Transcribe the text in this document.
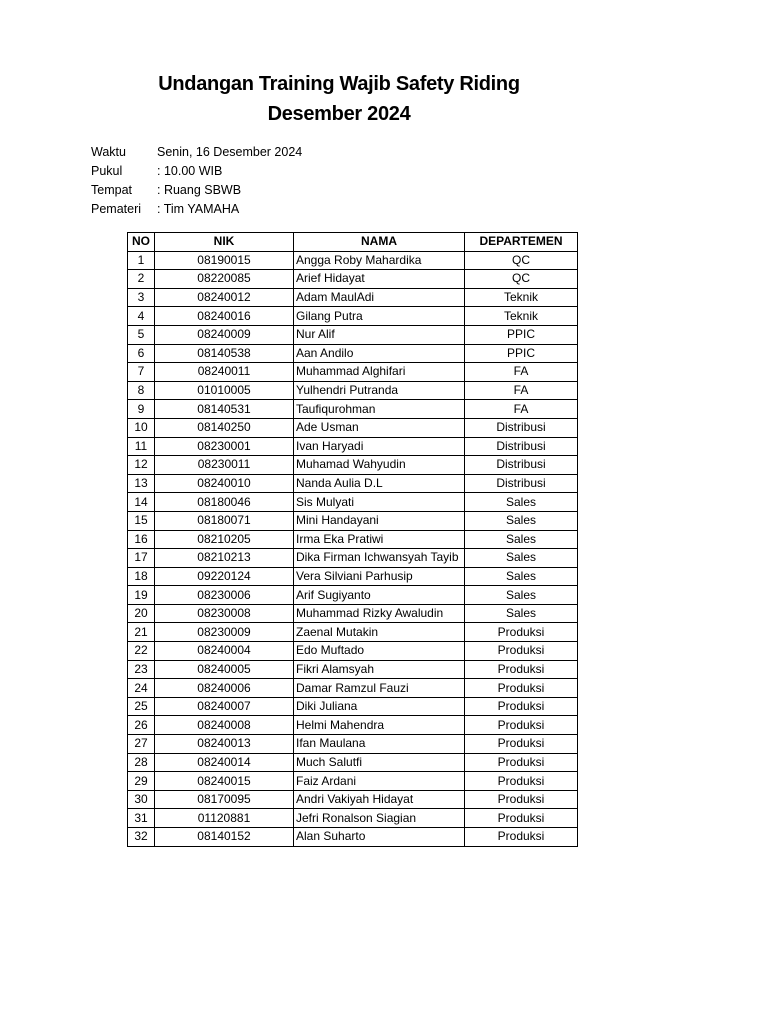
Undangan Training Wajib Safety Riding
Desember 2024
Waktu	Senin, 16 Desember 2024
Pukul	: 10.00 WIB
Tempat	: Ruang SBWB
Pemateri	: Tim YAMAHA
NO	NIK	NAMA	DEPARTEMEN
1	08190015	Angga Roby Mahardika	QC
2	08220085	Arief Hidayat	QC
3	08240012	Adam MaulAdi	Teknik
4	08240016	Gilang Putra	Teknik
5	08240009	Nur Alif	PPIC
6	08140538	Aan Andilo	PPIC
7	08240011	Muhammad Alghifari	FA
8	01010005	Yulhendri Putranda	FA
9	08140531	Taufiqurohman	FA
10	08140250	Ade Usman	Distribusi
11	08230001	Ivan Haryadi	Distribusi
12	08230011	Muhamad Wahyudin	Distribusi
13	08240010	Nanda Aulia D.L	Distribusi
14	08180046	Sis Mulyati	Sales
15	08180071	Mini Handayani	Sales
16	08210205	Irma Eka Pratiwi	Sales
17	08210213	Dika Firman Ichwansyah Tayib	Sales
18	09220124	Vera Silviani Parhusip	Sales
19	08230006	Arif Sugiyanto	Sales
20	08230008	Muhammad Rizky Awaludin	Sales
21	08230009	Zaenal Mutakin	Produksi
22	08240004	Edo Muftado	Produksi
23	08240005	Fikri Alamsyah	Produksi
24	08240006	Damar Ramzul Fauzi	Produksi
25	08240007	Diki Juliana	Produksi
26	08240008	Helmi Mahendra	Produksi
27	08240013	Ifan Maulana	Produksi
28	08240014	Much Salutfi	Produksi
29	08240015	Faiz Ardani	Produksi
30	08170095	Andri Vakiyah Hidayat	Produksi
31	01120881	Jefri Ronalson Siagian	Produksi
32	08140152	Alan Suharto	Produksi
